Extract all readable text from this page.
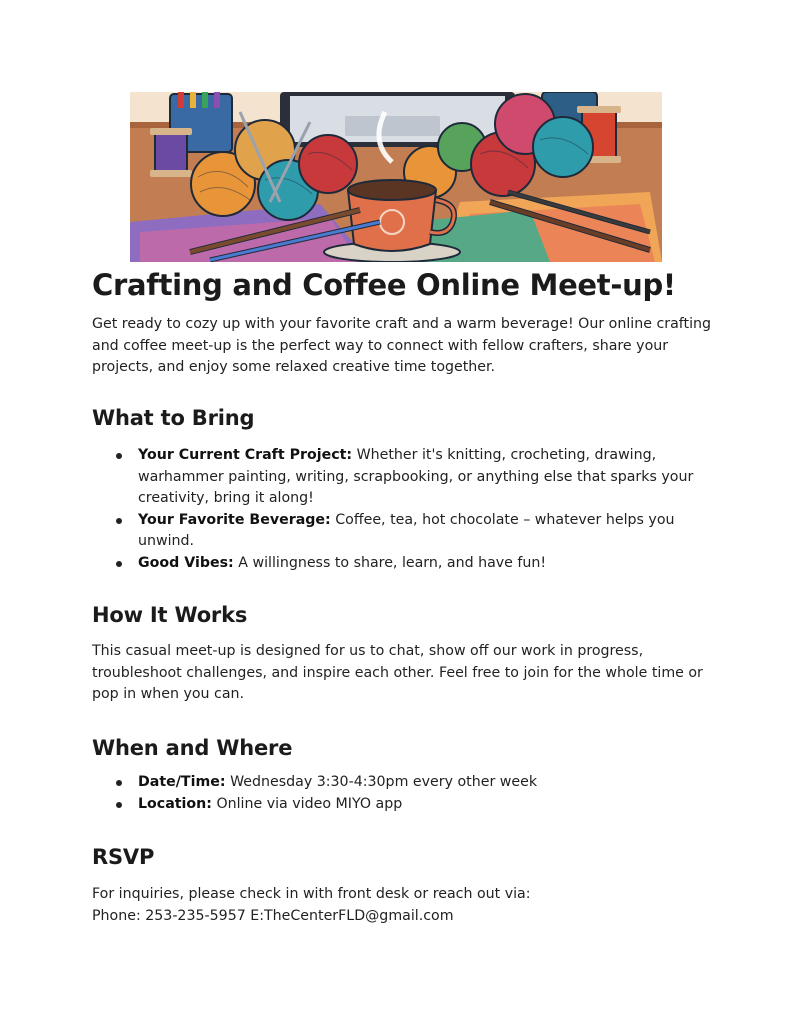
Crafting and Coffee Online Meet-up!

Get ready to cozy up with your favorite craft and a warm beverage! Our online crafting
and coffee meet-up is the perfect way to connect with fellow crafters, share your
projects, and enjoy some relaxed creative time together.

What to Bring
Your Current Craft Project: Whether it's knitting, crocheting, drawing,
warhammer painting, writing, scrapbooking, or anything else that sparks your
creativity, bring it along!
Your Favorite Beverage: Coffee, tea, hot chocolate – whatever helps you
unwind.
Good Vibes: A willingness to share, learn, and have fun!
How It Works

This casual meet-up is designed for us to chat, show off our work in progress,
troubleshoot challenges, and inspire each other. Feel free to join for the whole time or
pop in when you can.

When and Where
Date/Time: Wednesday 3:30-4:30pm every other week
Location: Online via video MIYO app
RSVP

For inquiries, please check in with front desk or reach out via:
Phone: 253-235-5957 E:TheCenterFLD@gmail.com
